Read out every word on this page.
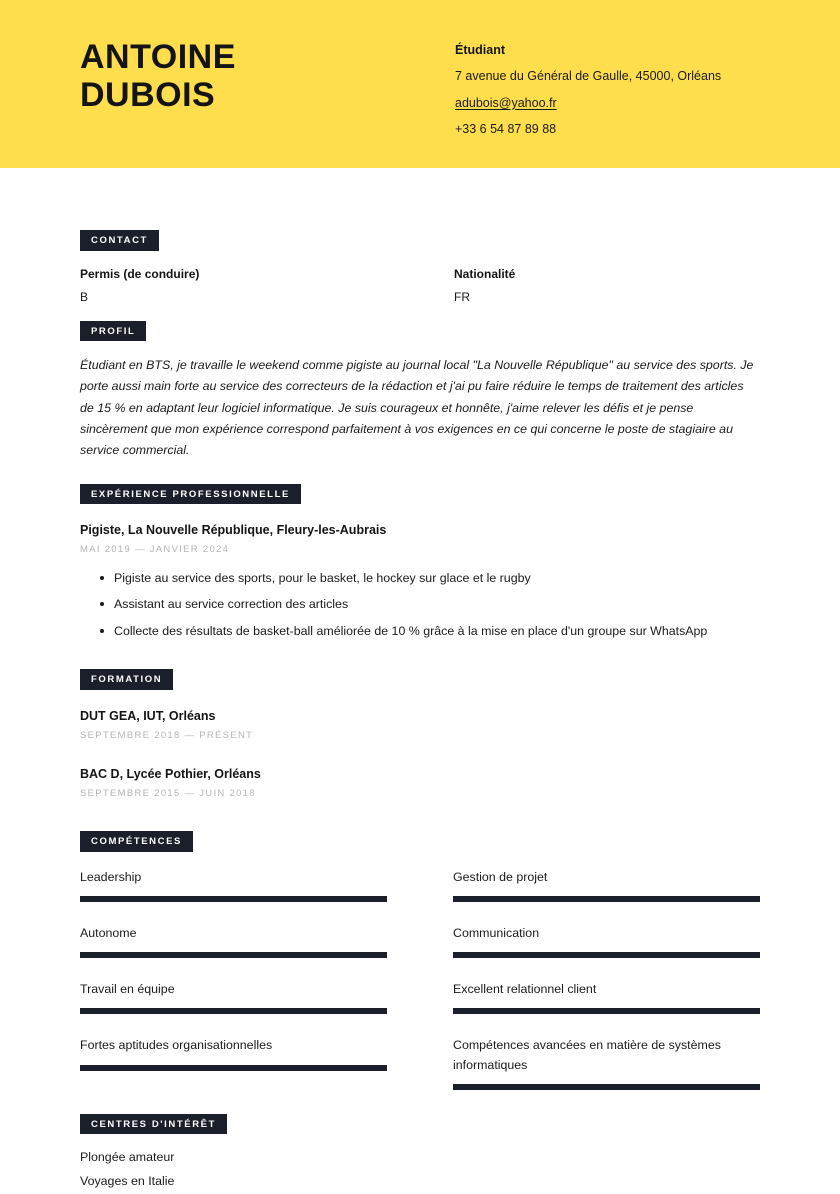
ANTOINE
DUBOIS

Étudiant

7 avenue du Général de Gaulle, 45000, Orléans

adubois@yahoo.fr

+33 6 54 87 89 88

CONTACT

Permis (de conduire)

B

Nationalité

FR

PROFIL

Étudiant en BTS, je travaille le weekend comme pigiste au journal local "La Nouvelle République" au service des sports. Je porte aussi main forte au service des correcteurs de la rédaction et j'ai pu faire réduire le temps de traitement des articles de 15 % en adaptant leur logiciel informatique. Je suis courageux et honnête, j'aime relever les défis et je pense sincèrement que mon expérience correspond parfaitement à vos exigences en ce qui concerne le poste de stagiaire au service commercial.

EXPÉRIENCE PROFESSIONNELLE

Pigiste, La Nouvelle République, Fleury-les-Aubrais

MAI 2019 — JANVIER 2024

Pigiste au service des sports, pour le basket, le hockey sur glace et le rugby
Assistant au service correction des articles
Collecte des résultats de basket-ball améliorée de 10 % grâce à la mise en place d'un groupe sur WhatsApp
FORMATION

DUT GEA, IUT, Orléans

SEPTEMBRE 2018 — PRÉSENT

BAC D, Lycée Pothier, Orléans

SEPTEMBRE 2015 — JUIN 2018

COMPÉTENCES

Leadership

Autonome

Travail en équipe

Fortes aptitudes organisationnelles

Gestion de projet

Communication

Excellent relationnel client

Compétences avancées en matière de systèmes informatiques

CENTRES D'INTÉRÊT

Plongée amateur

Voyages en Italie
